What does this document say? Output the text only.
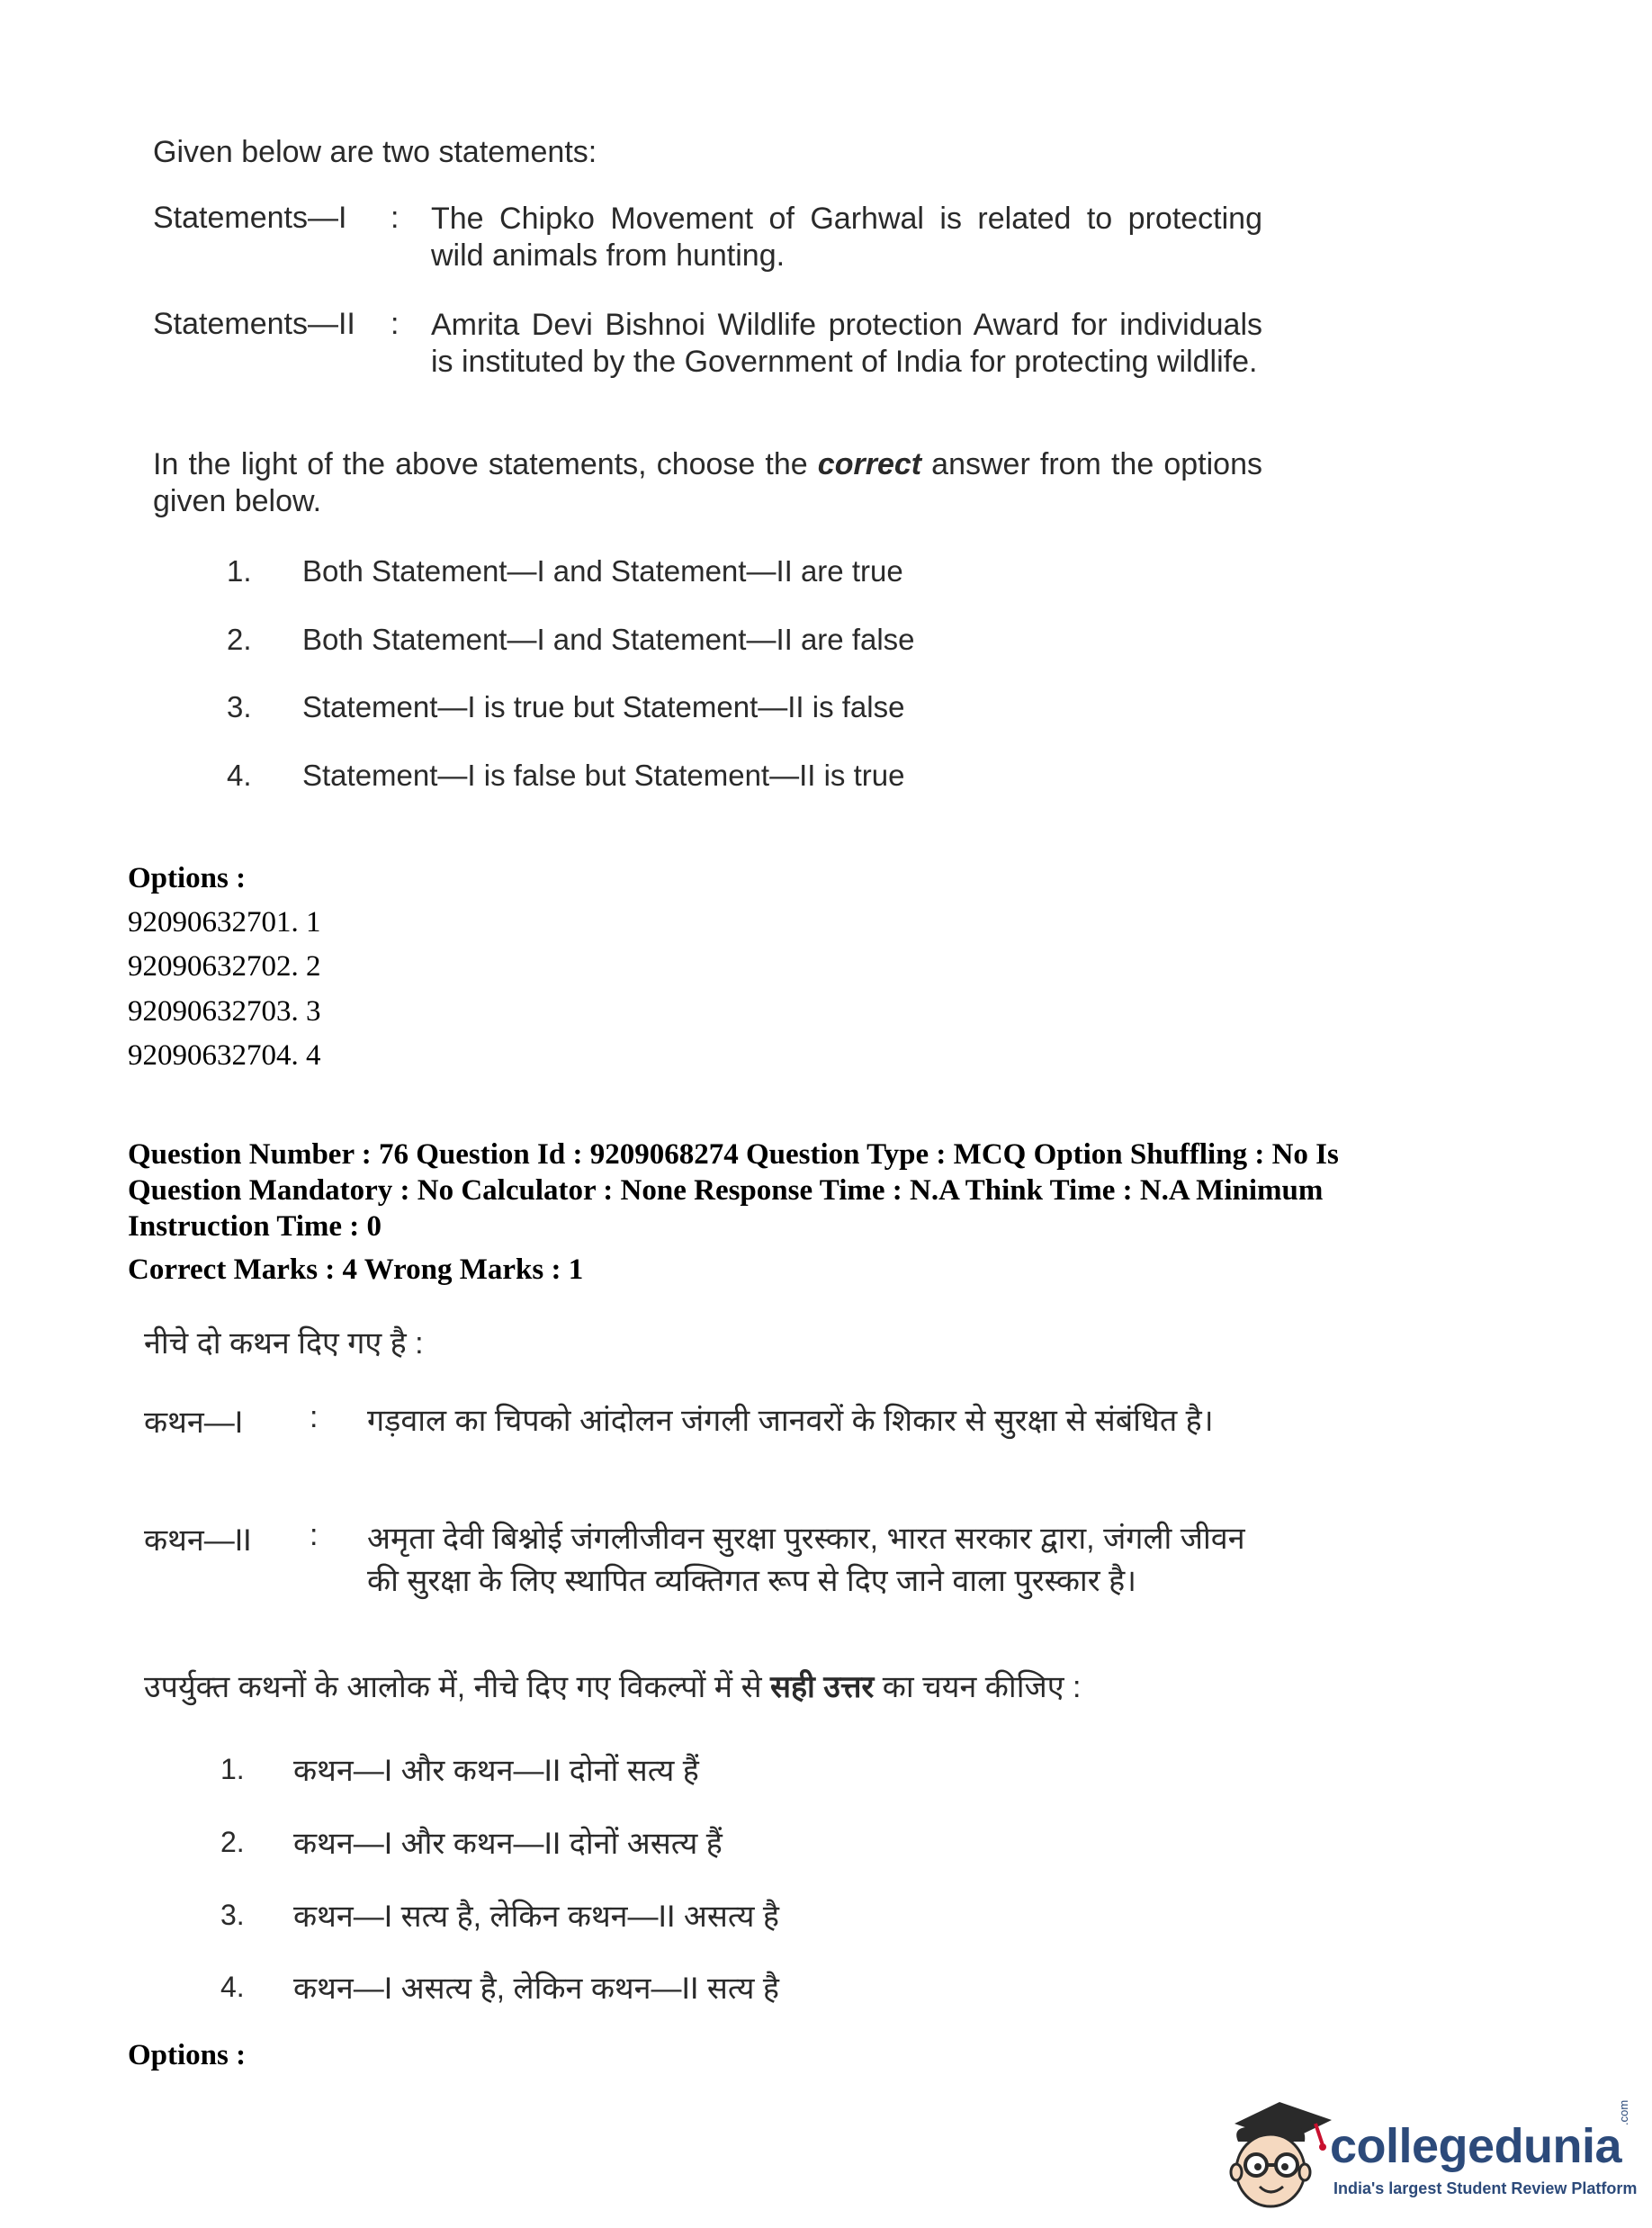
Given below are two statements:
Statements—I : The Chipko Movement of Garhwal is related to protecting wild animals from hunting.
Statements—II : Amrita Devi Bishnoi Wildlife protection Award for individuals is instituted by the Government of India for protecting wildlife.
In the light of the above statements, choose the correct answer from the options given below.
1. Both Statement—I and Statement—II are true
2. Both Statement—I and Statement—II are false
3. Statement—I is true but Statement—II is false
4. Statement—I is false but Statement—II is true
Options :
92090632701. 1
92090632702. 2
92090632703. 3
92090632704. 4
Question Number : 76 Question Id : 9209068274 Question Type : MCQ Option Shuffling : No Is
Question Mandatory : No Calculator : None Response Time : N.A Think Time : N.A Minimum
Instruction Time : 0
Correct Marks : 4 Wrong Marks : 1
नीचे दो कथन दिए गए है :
कथन—I : गड़वाल का चिपको आंदोलन जंगली जानवरों के शिकार से सुरक्षा से संबंधित है।
कथन—II : अमृता देवी बिश्नोई जंगलीजीवन सुरक्षा पुरस्कार, भारत सरकार द्वारा, जंगली जीवन की सुरक्षा के लिए स्थापित व्यक्तिगत रूप से दिए जाने वाला पुरस्कार है।
उपर्युक्त कथनों के आलोक में, नीचे दिए गए विकल्पों में से सही उत्तर का चयन कीजिए :
1. कथन—I और कथन—II दोनों सत्य हैं
2. कथन—I और कथन—II दोनों असत्य हैं
3. कथन—I सत्य है, लेकिन कथन—II असत्य है
4. कथन—I असत्य है, लेकिन कथन—II सत्य है
Options :
collegedunia
.com
India's largest Student Review Platform
